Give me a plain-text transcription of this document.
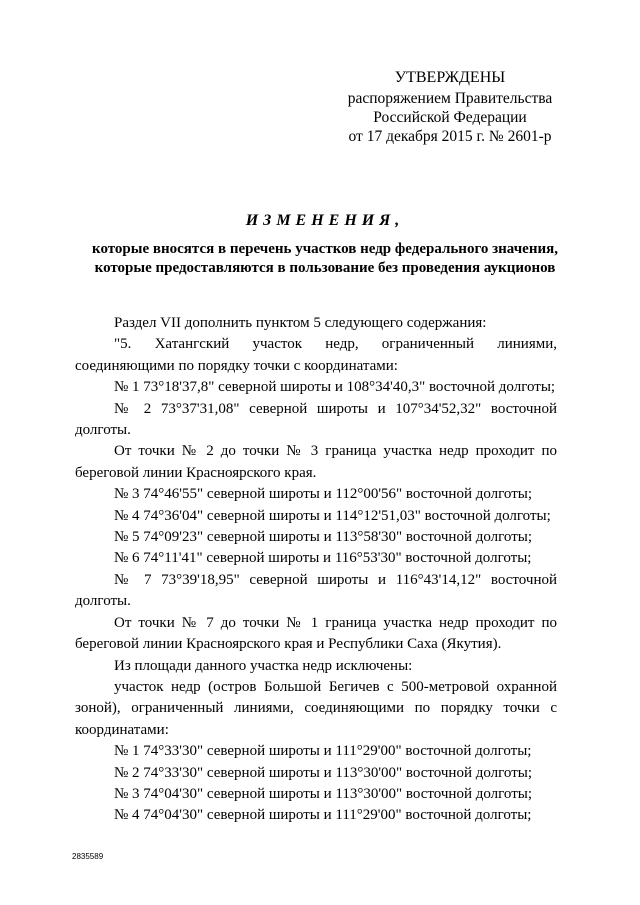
УТВЕРЖДЕНЫ
распоряжением Правительства
Российской Федерации
от 17 декабря 2015 г. № 2601-р
ИЗМЕНЕНИЯ,
которые вносятся в перечень участков недр федерального значения,
которые предоставляются в пользование без проведения аукционов

Раздел VII дополнить пунктом 5 следующего содержания:

"5. Хатангский участок недр, ограниченный линиями, соединяющими по порядку точки с координатами:

№ 1 73°18'37,8" северной широты и 108°34'40,3" восточной долготы;

№ 2 73°37'31,08" северной широты и 107°34'52,32" восточной долготы.

От точки № 2 до точки № 3 граница участка недр проходит по береговой линии Красноярского края.

№ 3 74°46'55" северной широты и 112°00'56" восточной долготы;

№ 4 74°36'04" северной широты и 114°12'51,03" восточной долготы;

№ 5 74°09'23" северной широты и 113°58'30" восточной долготы;

№ 6 74°11'41" северной широты и 116°53'30" восточной долготы;

№ 7 73°39'18,95" северной широты и 116°43'14,12" восточной долготы.

От точки № 7 до точки № 1 граница участка недр проходит по береговой линии Красноярского края и Республики Саха (Якутия).

Из площади данного участка недр исключены:

участок недр (остров Большой Бегичев с 500-метровой охранной зоной), ограниченный линиями, соединяющими по порядку точки с координатами:

№ 1 74°33'30" северной широты и 111°29'00" восточной долготы;

№ 2 74°33'30" северной широты и 113°30'00" восточной долготы;

№ 3 74°04'30" северной широты и 113°30'00" восточной долготы;

№ 4 74°04'30" северной широты и 111°29'00" восточной долготы;

2835589
